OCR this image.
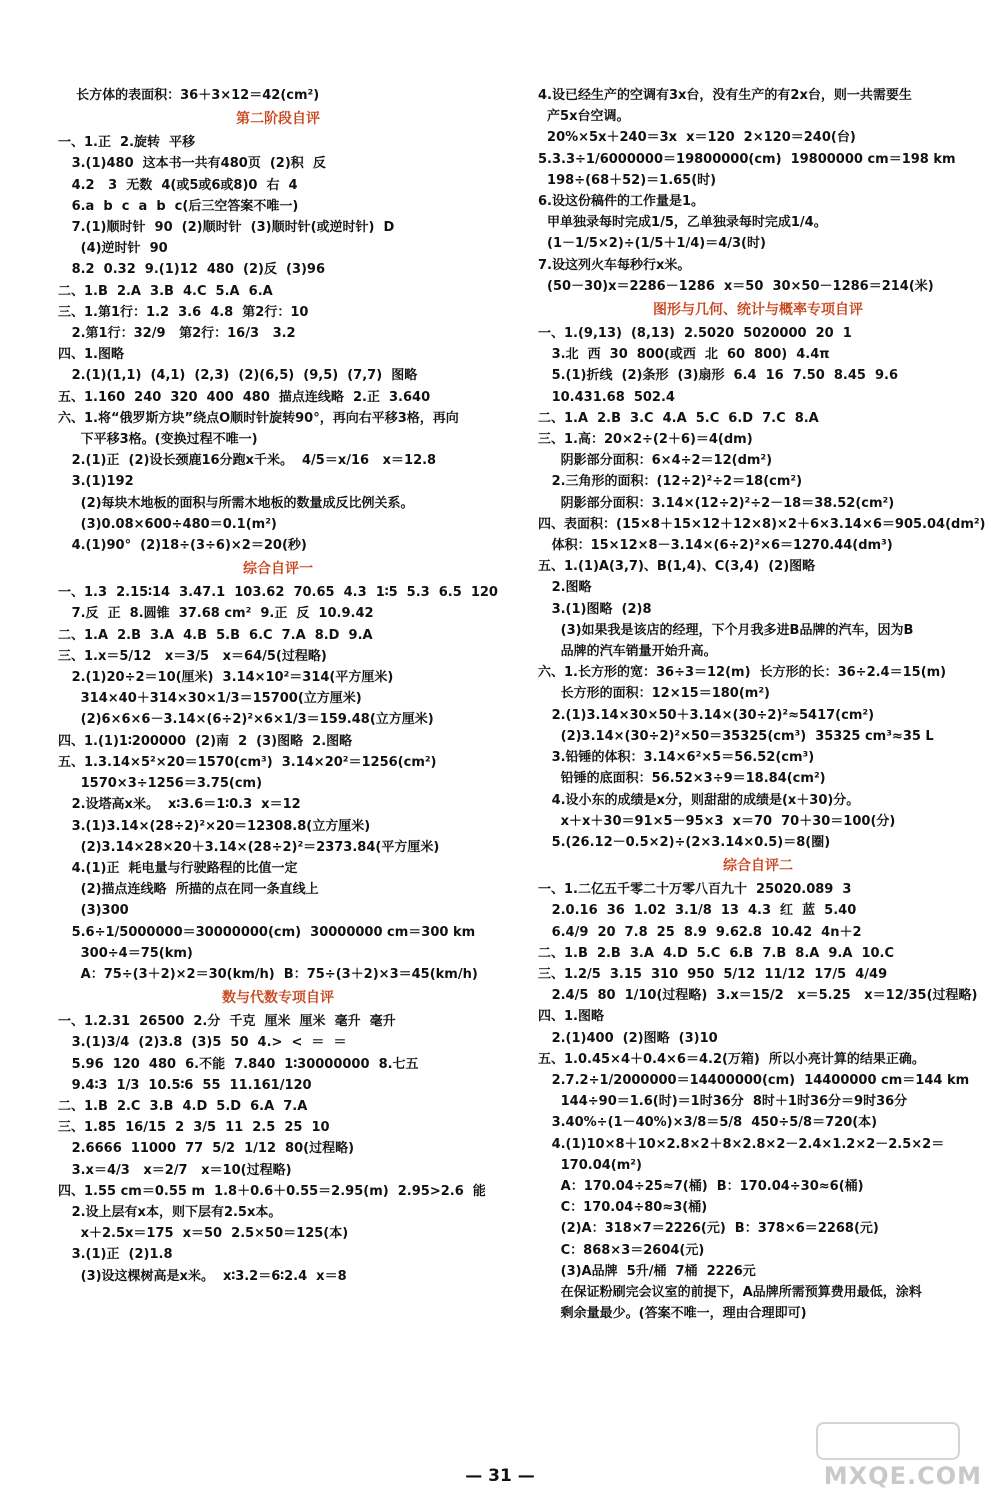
长方体的表面积：36＋3×12＝42(cm²)
第二阶段自评
一、1.正  2.旋转  平移
3.(1)480  这本书一共有480页  (2)积  反
4.2   3  无数  4(或5或6或8)0  右  4
6.a  b  c  a  b  c(后三空答案不唯一)
7.(1)顺时针  90  (2)顺时针  (3)顺时针(或逆时针)  D
(4)逆时针  90
8.2  0.32  9.(1)12  480  (2)反  (3)96
二、1.B  2.A  3.B  4.C  5.A  6.A
三、1.第1行：1.2  3.6  4.8  第2行：10
2.第1行：32/9   第2行：16/3   3.2
四、1.图略
2.(1)(1,1)  (4,1)  (2,3)  (2)(6,5)  (9,5)  (7,7)  图略
五、1.160  240  320  400  480  描点连线略  2.正  3.640
六、1.将“俄罗斯方块”绕点O顺时针旋转90°，再向右平移3格，再向
下平移3格。(变换过程不唯一)
2.(1)正  (2)设长颈鹿16分跑x千米。  4/5＝x/16   x＝12.8
3.(1)192
(2)每块木地板的面积与所需木地板的数量成反比例关系。
(3)0.08×600÷480＝0.1(m²)
4.(1)90°  (2)18÷(3÷6)×2＝20(秒)
综合自评一
一、1.3  2.15∶14  3.47.1  103.62  70.65  4.3  1∶5  5.3  6.5  120
7.反  正  8.圆锥  37.68 cm²  9.正  反  10.9.42
二、1.A  2.B  3.A  4.B  5.B  6.C  7.A  8.D  9.A
三、1.x＝5/12   x＝3/5   x＝64/5(过程略)
2.(1)20÷2＝10(厘米)  3.14×10²＝314(平方厘米)
314×40＋314×30×1/3＝15700(立方厘米)
(2)6×6×6－3.14×(6÷2)²×6×1/3＝159.48(立方厘米)
四、1.(1)1∶200000  (2)南  2  (3)图略  2.图略
五、1.3.14×5²×20＝1570(cm³)  3.14×20²＝1256(cm²)
1570×3÷1256＝3.75(cm)
2.设塔高x米。  x∶3.6＝1∶0.3  x＝12
3.(1)3.14×(28÷2)²×20＝12308.8(立方厘米)
(2)3.14×28×20＋3.14×(28÷2)²＝2373.84(平方厘米)
4.(1)正  耗电量与行驶路程的比值一定
(2)描点连线略  所描的点在同一条直线上
(3)300
5.6÷1/5000000＝30000000(cm)  30000000 cm＝300 km
300÷4＝75(km)
A：75÷(3＋2)×2＝30(km/h)  B：75÷(3＋2)×3＝45(km/h)
数与代数专项自评
一、1.2.31  26500  2.分  千克  厘米  厘米  毫升  毫升
3.(1)3/4  (2)3.8  (3)5  50  4.>  <  ＝  ＝
5.96  120  480  6.不能  7.840  1∶30000000  8.七五
9.4∶3  1/3  10.5∶6  55  11.161/120
二、1.B  2.C  3.B  4.D  5.D  6.A  7.A
三、1.85  16/15  2  3/5  11  2.5  25  10
2.6666  11000  77  5/2  1/12  80(过程略)
3.x＝4/3   x＝2/7   x＝10(过程略)
四、1.55 cm＝0.55 m  1.8＋0.6＋0.55＝2.95(m)  2.95>2.6  能
2.设上层有x本，则下层有2.5x本。
x＋2.5x＝175  x＝50  2.5×50＝125(本)
3.(1)正  (2)1.8
(3)设这棵树高是x米。  x∶3.2＝6∶2.4  x＝8
4.设已经生产的空调有3x台，没有生产的有2x台，则一共需要生
产5x台空调。
20%×5x＋240＝3x  x＝120  2×120＝240(台)
5.3.3÷1/6000000＝19800000(cm)  19800000 cm＝198 km
198÷(68＋52)＝1.65(时)
6.设这份稿件的工作量是1。
甲单独录每时完成1/5，乙单独录每时完成1/4。
(1－1/5×2)÷(1/5＋1/4)＝4/3(时)
7.设这列火车每秒行x米。
(50－30)x＝2286－1286  x＝50  30×50－1286＝214(米)
图形与几何、统计与概率专项自评
一、1.(9,13)  (8,13)  2.5020  5020000  20  1
3.北  西  30  800(或西  北  60  800)  4.4π
5.(1)折线  (2)条形  (3)扇形  6.4  16  7.50  8.45  9.6
10.431.68  502.4
二、1.A  2.B  3.C  4.A  5.C  6.D  7.C  8.A
三、1.高：20×2÷(2＋6)＝4(dm)
阴影部分面积：6×4÷2＝12(dm²)
2.三角形的面积：(12÷2)²÷2＝18(cm²)
阴影部分面积：3.14×(12÷2)²÷2－18＝38.52(cm²)
四、表面积：(15×8＋15×12＋12×8)×2＋6×3.14×6＝905.04(dm²)
体积：15×12×8－3.14×(6÷2)²×6＝1270.44(dm³)
五、1.(1)A(3,7)、B(1,4)、C(3,4)  (2)图略
2.图略
3.(1)图略  (2)8
(3)如果我是该店的经理，下个月我多进B品牌的汽车，因为B
品牌的汽车销量开始升高。
六、1.长方形的宽：36÷3＝12(m)  长方形的长：36÷2.4＝15(m)
长方形的面积：12×15＝180(m²)
2.(1)3.14×30×50＋3.14×(30÷2)²≈5417(cm²)
(2)3.14×(30÷2)²×50＝35325(cm³)  35325 cm³≈35 L
3.铅锤的体积：3.14×6²×5＝56.52(cm³)
铅锤的底面积：56.52×3÷9＝18.84(cm²)
4.设小东的成绩是x分，则甜甜的成绩是(x＋30)分。
x＋x＋30＝91×5－95×3  x＝70  70＋30＝100(分)
5.(26.12－0.5×2)÷(2×3.14×0.5)＝8(圈)
综合自评二
一、1.二亿五千零二十万零八百九十  25020.089  3
2.0.16  36  1.02  3.1/8  13  4.3  红  蓝  5.40
6.4/9  20  7.8  25  8.9  9.62.8  10.42  4n＋2
二、1.B  2.B  3.A  4.D  5.C  6.B  7.B  8.A  9.A  10.C
三、1.2/5  3.15  310  950  5/12  11/12  17/5  4/49
2.4/5  80  1/10(过程略)  3.x＝15/2   x＝5.25   x＝12/35(过程略)
四、1.图略
2.(1)400  (2)图略  (3)10
五、1.0.45×4＋0.4×6＝4.2(万箱)  所以小亮计算的结果正确。
2.7.2÷1/2000000＝14400000(cm)  14400000 cm＝144 km
144÷90＝1.6(时)＝1时36分  8时＋1时36分＝9时36分
3.40%÷(1－40%)×3/8＝5/8  450÷5/8＝720(本)
4.(1)10×8＋10×2.8×2＋8×2.8×2－2.4×1.2×2－2.5×2＝
170.04(m²)
A：170.04÷25≈7(桶)  B：170.04÷30≈6(桶)
C：170.04÷80≈3(桶)
(2)A：318×7＝2226(元)  B：378×6＝2268(元)
C：868×3＝2604(元)
(3)A品牌  5升/桶  7桶  2226元
在保证粉刷完会议室的前提下，A品牌所需预算费用最低，涂料
剩余量最少。(答案不唯一，理由合理即可)
— 31 —	MXQE.COM
